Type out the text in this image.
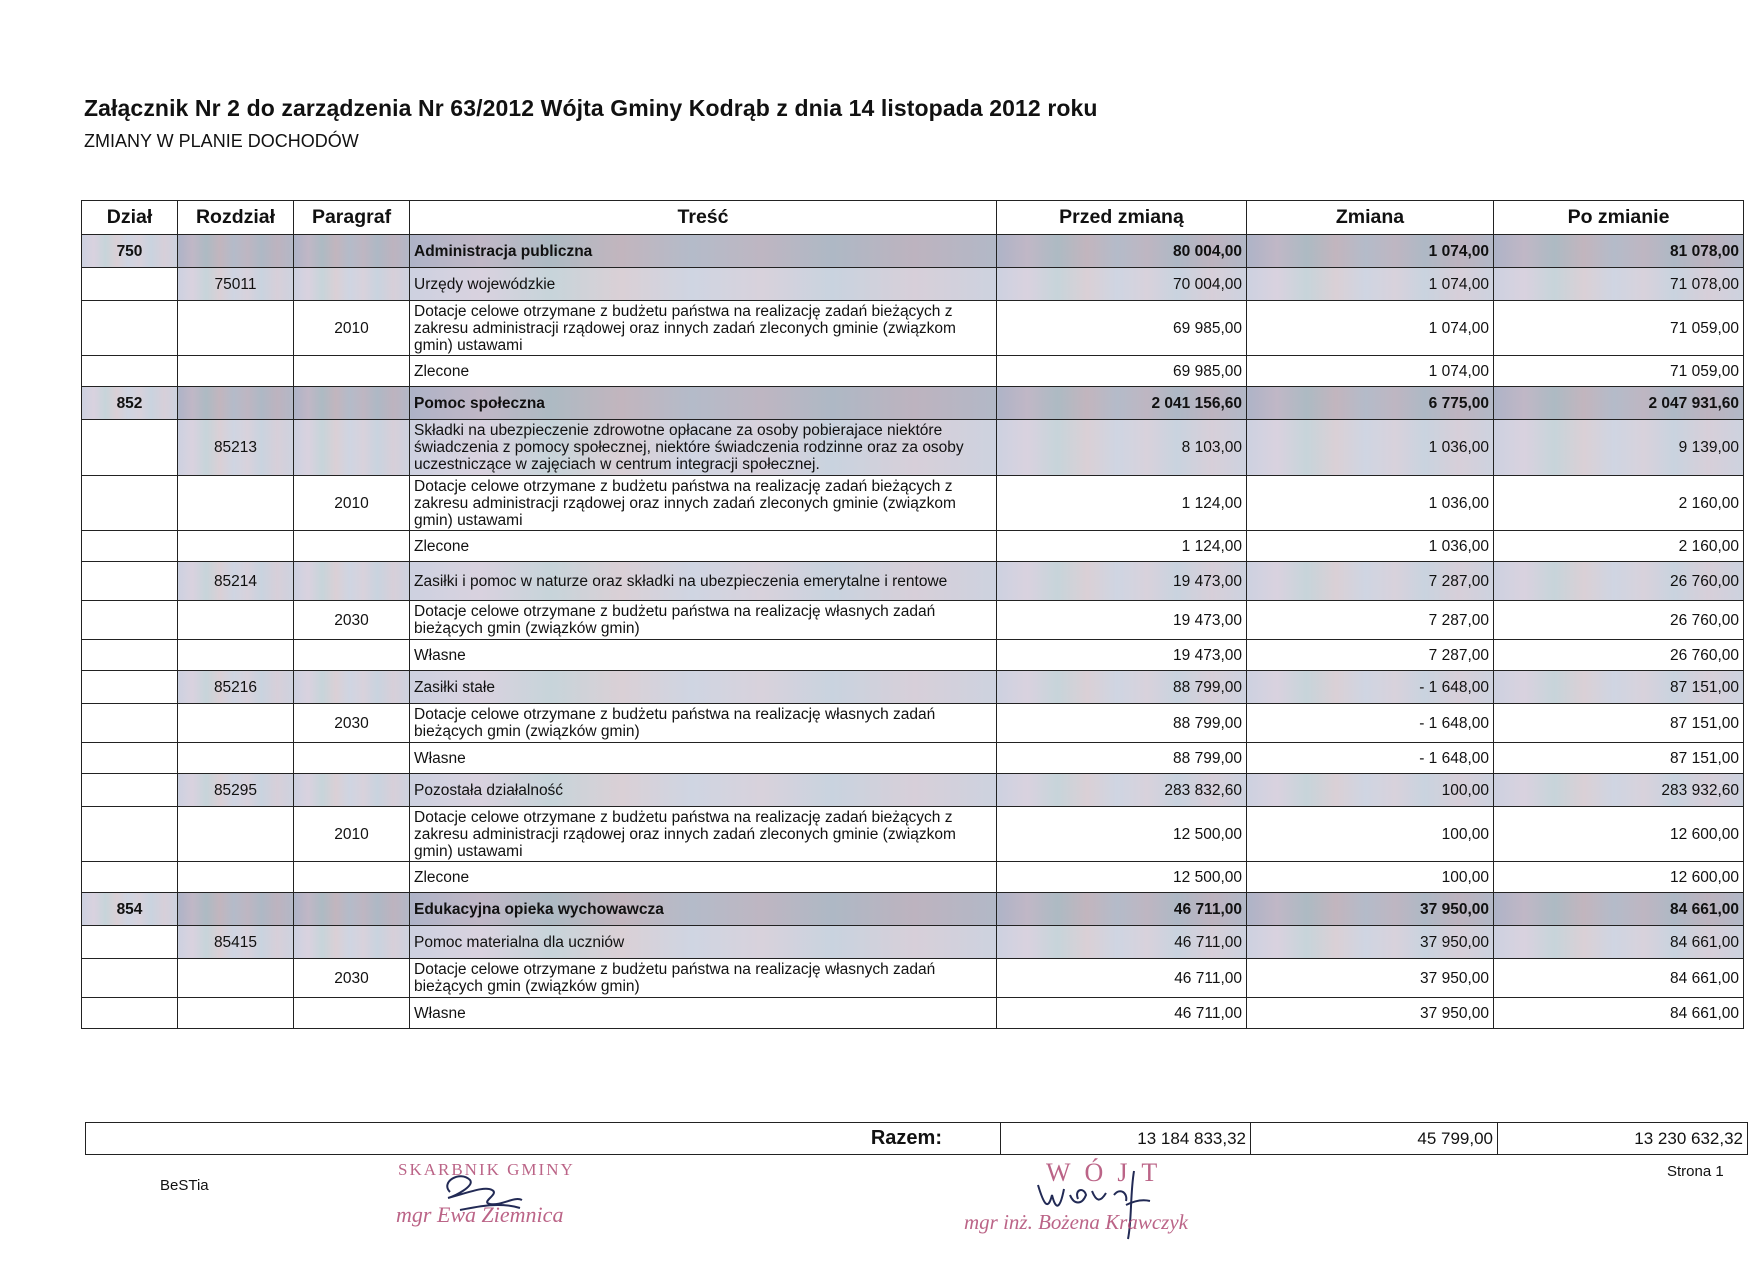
Załącznik Nr 2 do zarządzenia Nr 63/2012 Wójta Gminy Kodrąb z dnia 14 listopada 2012 roku
ZMIANY W PLANIE DOCHODÓW
Dział	Rozdział	Paragraf	Treść	Przed zmianą	Zmiana	Po zmianie
750			Administracja publiczna	80 004,00	1 074,00	81 078,00
	75011		Urzędy wojewódzkie	70 004,00	1 074,00	71 078,00
		2010	Dotacje celowe otrzymane z budżetu państwa na realizację zadań bieżących z zakresu administracji rządowej oraz innych zadań zleconych gminie (związkom gmin) ustawami	69 985,00	1 074,00	71 059,00
			Zlecone	69 985,00	1 074,00	71 059,00
852			Pomoc społeczna	2 041 156,60	6 775,00	2 047 931,60
	85213		Składki na ubezpieczenie zdrowotne opłacane za osoby pobierajace niektóre świadczenia z pomocy społecznej, niektóre świadczenia rodzinne oraz za osoby uczestniczące w zajęciach w centrum integracji społecznej.	8 103,00	1 036,00	9 139,00
		2010	Dotacje celowe otrzymane z budżetu państwa na realizację zadań bieżących z zakresu administracji rządowej oraz innych zadań zleconych gminie (związkom gmin) ustawami	1 124,00	1 036,00	2 160,00
			Zlecone	1 124,00	1 036,00	2 160,00
	85214		Zasiłki i pomoc w naturze oraz składki na ubezpieczenia emerytalne i rentowe	19 473,00	7 287,00	26 760,00
		2030	Dotacje celowe otrzymane z budżetu państwa na realizację własnych zadań bieżących gmin (związków gmin)	19 473,00	7 287,00	26 760,00
			Własne	19 473,00	7 287,00	26 760,00
	85216		Zasiłki stałe	88 799,00	- 1 648,00	87 151,00
		2030	Dotacje celowe otrzymane z budżetu państwa na realizację własnych zadań bieżących gmin (związków gmin)	88 799,00	- 1 648,00	87 151,00
			Własne	88 799,00	- 1 648,00	87 151,00
	85295		Pozostała działalność	283 832,60	100,00	283 932,60
		2010	Dotacje celowe otrzymane z budżetu państwa na realizację zadań bieżących z zakresu administracji rządowej oraz innych zadań zleconych gminie (związkom gmin) ustawami	12 500,00	100,00	12 600,00
			Zlecone	12 500,00	100,00	12 600,00
854			Edukacyjna opieka wychowawcza	46 711,00	37 950,00	84 661,00
	85415		Pomoc materialna dla uczniów	46 711,00	37 950,00	84 661,00
		2030	Dotacje celowe otrzymane z budżetu państwa na realizację własnych zadań bieżących gmin (związków gmin)	46 711,00	37 950,00	84 661,00
			Własne	46 711,00	37 950,00	84 661,00
Razem:	13 184 833,32	45 799,00	13 230 632,32
BeSTia
Strona 1
SKARBNIK GMINY
mgr Ewa Ziemnica
WÓJT
mgr inż. Bożena Krawczyk
